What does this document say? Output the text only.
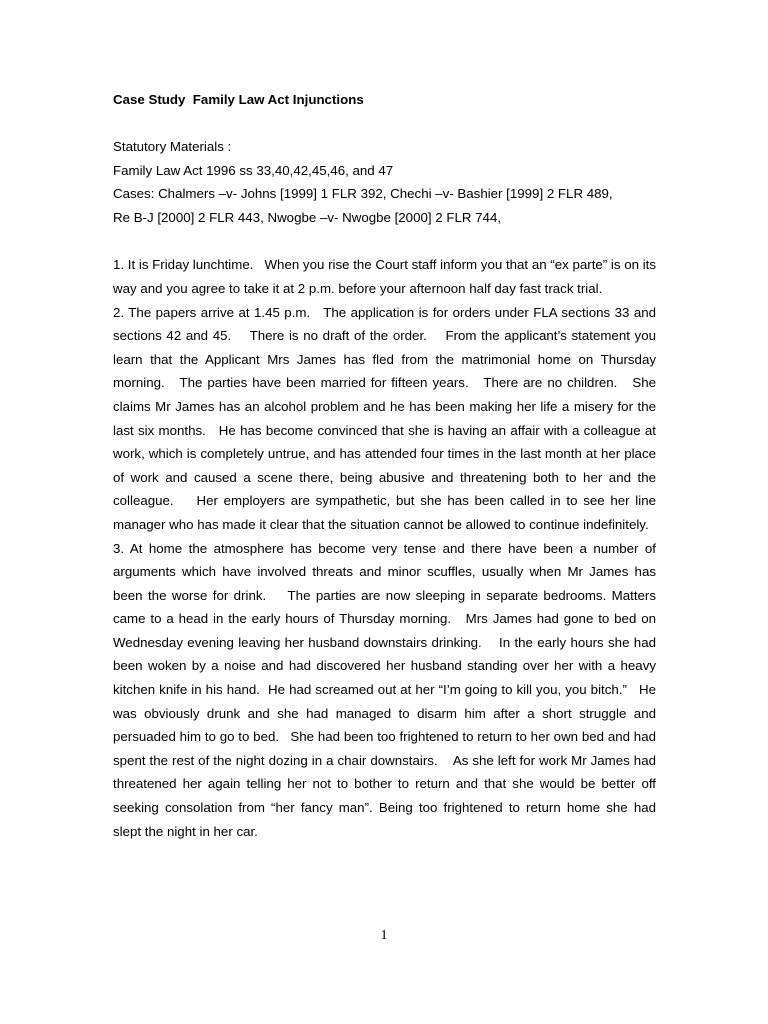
Case Study  Family Law Act Injunctions
Statutory Materials :
Family Law Act 1996 ss 33,40,42,45,46, and 47
Cases: Chalmers –v- Johns [1999] 1 FLR 392, Chechi –v- Bashier [1999] 2 FLR 489,
Re B-J [2000] 2 FLR 443, Nwogbe –v- Nwogbe [2000] 2 FLR 744,

1. It is Friday lunchtime.   When you rise the Court staff inform you that an “ex parte” is on its way and you agree to take it at 2 p.m. before your afternoon half day fast track trial.

2. The papers arrive at 1.45 p.m.   The application is for orders under FLA sections 33 and sections 42 and 45.    There is no draft of the order.    From the applicant’s statement you learn that the Applicant Mrs James has fled from the matrimonial home on Thursday morning.   The parties have been married for fifteen years.   There are no children.   She claims Mr James has an alcohol problem and he has been making her life a misery for the last six months.   He has become convinced that she is having an affair with a colleague at work, which is completely untrue, and has attended four times in the last month at her place of work and caused a scene there, being abusive and threatening both to her and the colleague.    Her employers are sympathetic, but she has been called in to see her line manager who has made it clear that the situation cannot be allowed to continue indefinitely.

3. At home the atmosphere has become very tense and there have been a number of arguments which have involved threats and minor scuffles, usually when Mr James has been the worse for drink.    The parties are now sleeping in separate bedrooms. Matters came to a head in the early hours of Thursday morning.   Mrs James had gone to bed on Wednesday evening leaving her husband downstairs drinking.    In the early hours she had been woken by a noise and had discovered her husband standing over her with a heavy kitchen knife in his hand.  He had screamed out at her “I’m going to kill you, you bitch.”   He was obviously drunk and she had managed to disarm him after a short struggle and persuaded him to go to bed.   She had been too frightened to return to her own bed and had spent the rest of the night dozing in a chair downstairs.    As she left for work Mr James had threatened her again telling her not to bother to return and that she would be better off seeking consolation from “her fancy man”. Being too frightened to return home she had slept the night in her car.

1
